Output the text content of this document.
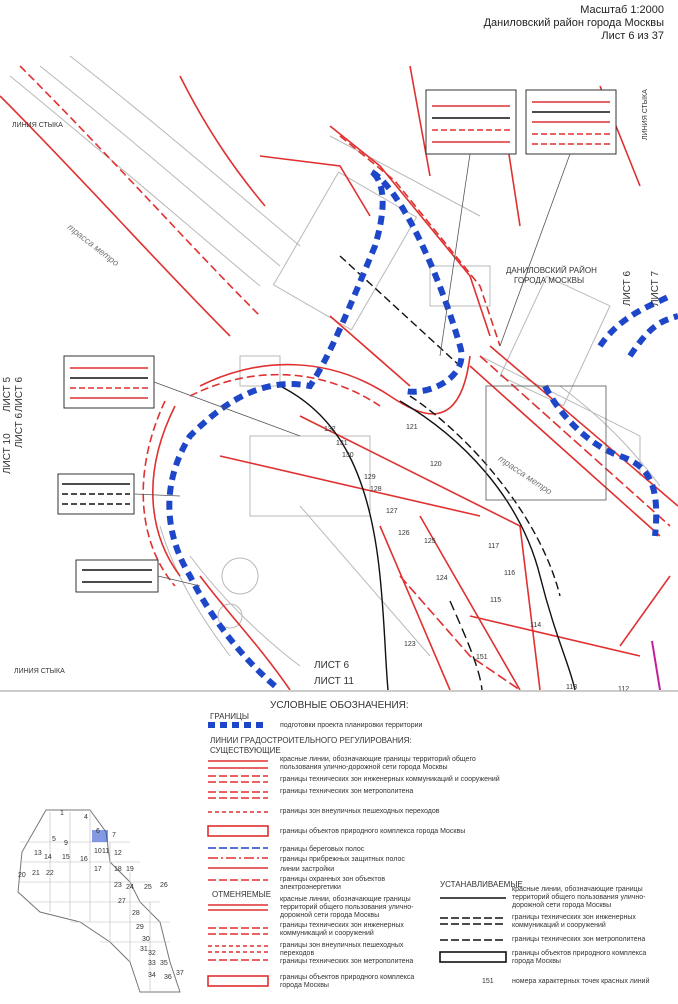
Масштаб 1:2000
Даниловский район города Москвы
Лист 6 из 37
ЛИНИЯ СТЫКА	ЛИНИЯ СТЫКА
ЛИНИЯ СТЫКА
ЛИСТ 5 ЛИСТ 6
ЛИСТ 10
ЛИСТ 6
ЛИСТ 6 ЛИСТ 7
ЛИСТ 6
ЛИСТ 11
ДАНИЛОВСКИЙ РАЙОН
ГОРОДА МОСКВЫ
трасса метро
трасса метро
113
114
115
116
117
120
121
123
124
125
126
127
128
129
130
131
132
151
112
УСЛОВНЫЕ ОБОЗНАЧЕНИЯ:
ГРАНИЦЫ
подготовки проекта планировки территории
ЛИНИИ ГРАДОСТРОИТЕЛЬНОГО РЕГУЛИРОВАНИЯ:
СУЩЕСТВУЮЩИЕ
красные линии, обозначающие границы территорий общего пользования улично-дорожной сети города Москвы
границы технических зон инженерных коммуникаций и сооружений
границы технических зон метрополитена
границы зон внеуличных пешеходных переходов
границы объектов природного комплекса города Москвы
границы береговых полос
границы прибрежных защитных полос
линии застройки
границы охранных зон объектов электроэнергетики
ОТМЕНЯЕМЫЕ
красные линии, обозначающие границы территорий общего пользования улично-дорожной сети города Москвы
границы технических зон инженерных коммуникаций и сооружений
границы зон внеуличных пешеходных переходов
границы технических зон метрополитена
границы объектов природного комплекса города Москвы
УСТАНАВЛИВАЕМЫЕ
красные линии, обозначающие границы территорий общего пользования улично-дорожной сети города Москвы
границы технических зон инженерных коммуникаций и сооружений
границы технических зон метрополитена
границы объектов природного комплекса города Москвы
151	номера характерных точек красных линий
1
4
5
6
7
9
10 11 12
13
14 15 16
17 18 19
20 21 22
23 24 25 26
27
28
29
30
31
32
33
34
35
36
37
